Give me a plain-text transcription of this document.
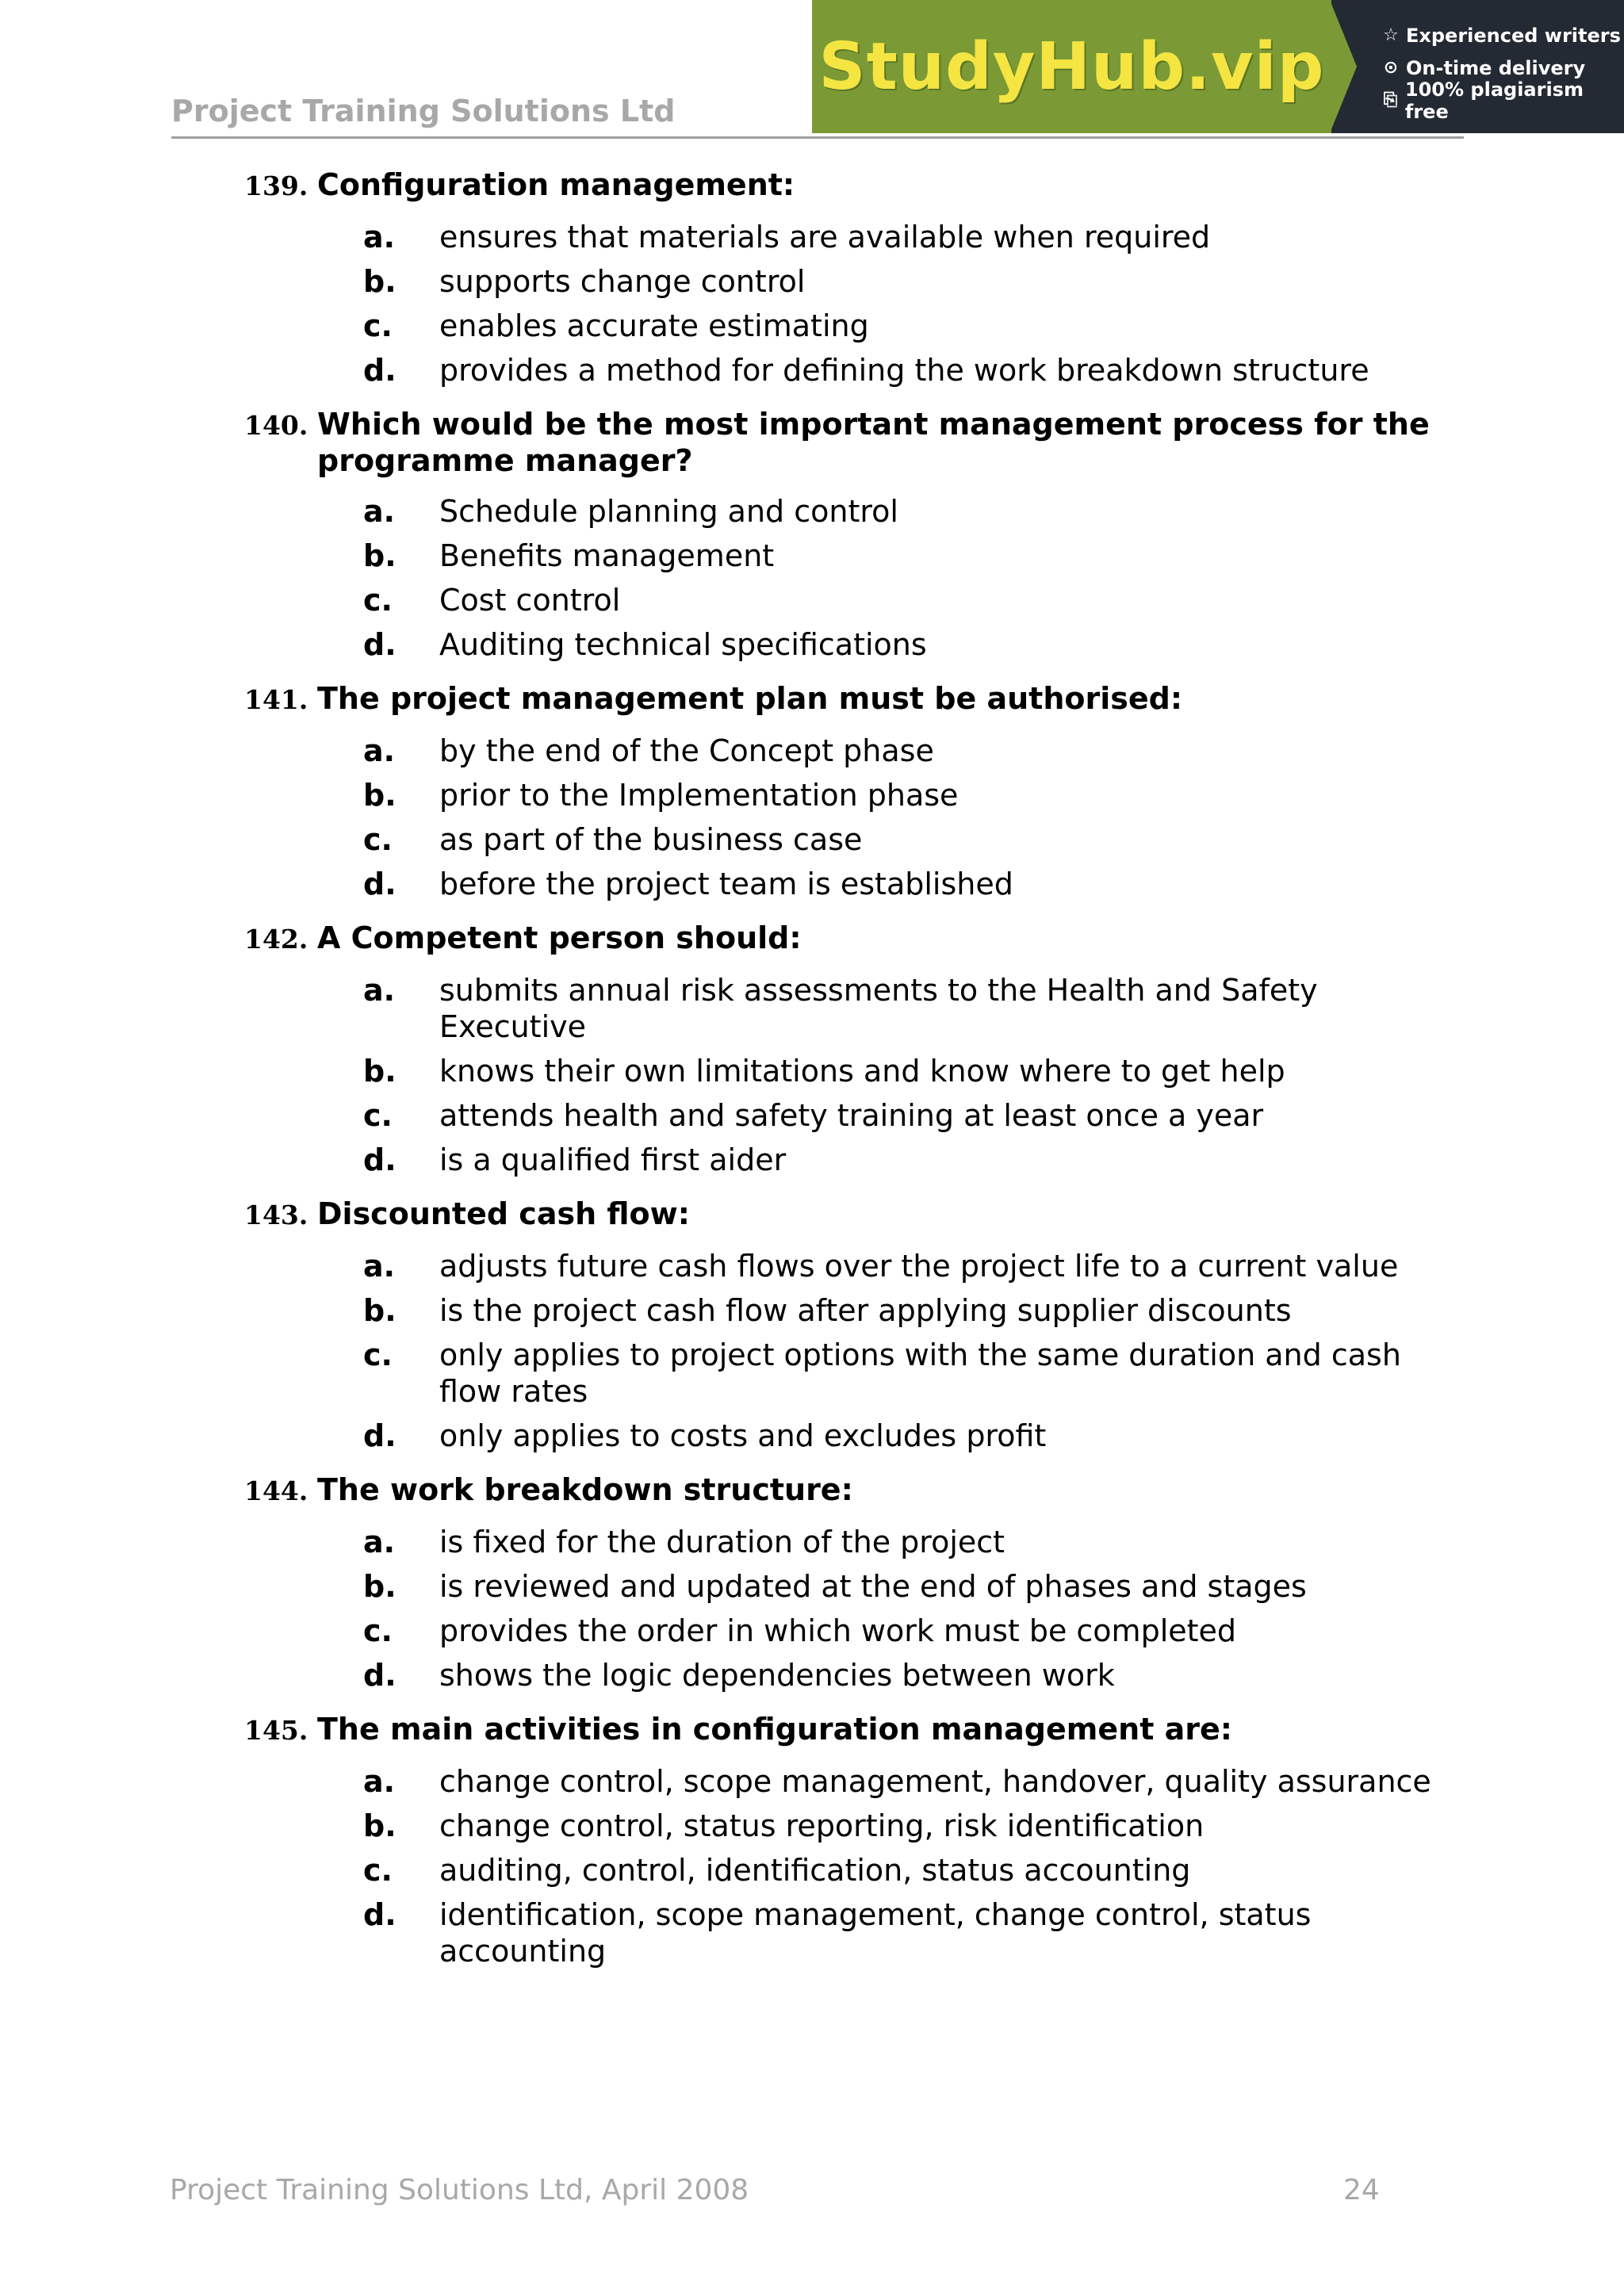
Project Training Solutions Ltd
StudyHub.vip	☆ Experienced writers
⊙ On-time delivery
⎘ 100% plagiarism free
139. Configuration management:
a.	ensures that materials are available when required
b.	supports change control
c.	enables accurate estimating
d.	provides a method for defining the work breakdown structure
140. Which would be the most important management process for the programme manager?
a.	Schedule planning and control
b.	Benefits management
c.	Cost control
d.	Auditing technical specifications
141. The project management plan must be authorised:
a.	by the end of the Concept phase
b.	prior to the Implementation phase
c.	as part of the business case
d.	before the project team is established
142. A Competent person should:
a.	submits annual risk assessments to the Health and Safety Executive
b.	knows their own limitations and know where to get help
c.	attends health and safety training at least once a year
d.	is a qualified first aider
143. Discounted cash flow:
a.	adjusts future cash flows over the project life to a current value
b.	is the project cash flow after applying supplier discounts
c.	only applies to project options with the same duration and cash flow rates
d.	only applies to costs and excludes profit
144. The work breakdown structure:
a.	is fixed for the duration of the project
b.	is reviewed and updated at the end of phases and stages
c.	provides the order in which work must be completed
d.	shows the logic dependencies between work
145. The main activities in configuration management are:
a.	change control, scope management, handover, quality assurance
b.	change control, status reporting, risk identification
c.	auditing, control, identification, status accounting
d.	identification, scope management, change control, status accounting
Project Training Solutions Ltd, April 2008	24
